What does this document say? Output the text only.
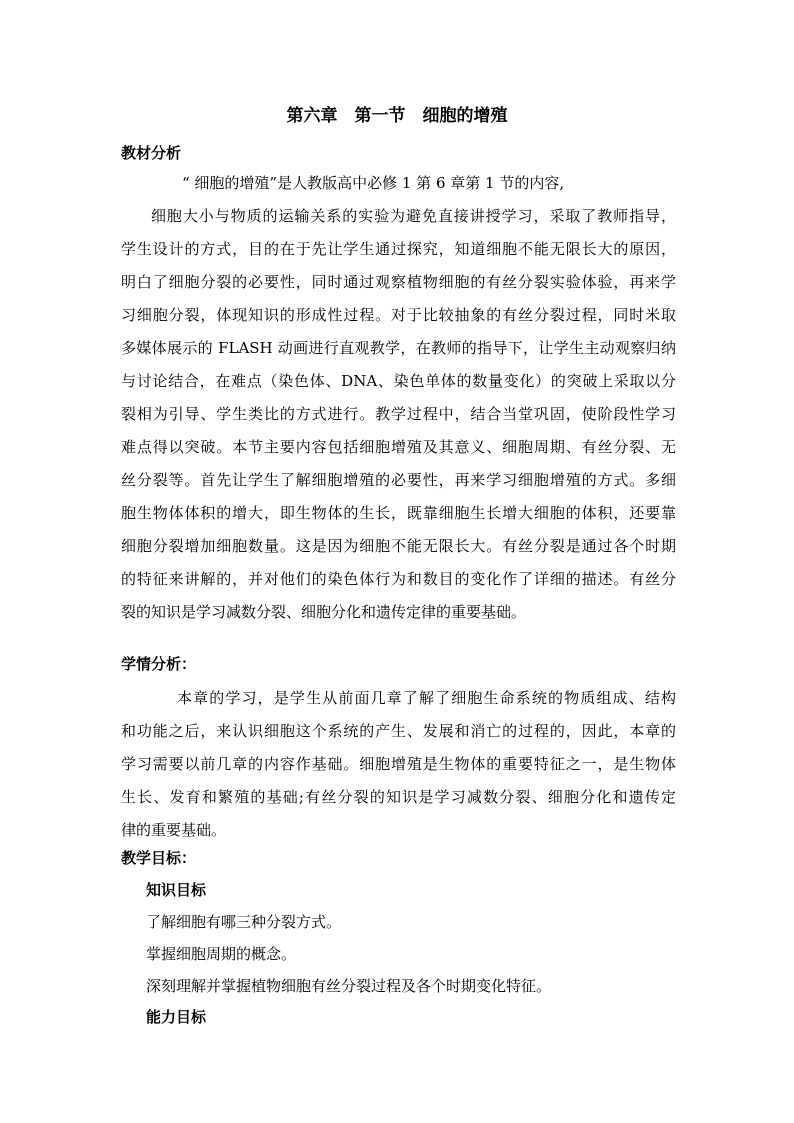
第六章　第一节　细胞的增殖
教材分析
“ 细胞的增殖”是人教版高中必修 1 第 6 章第 1 节的内容,
细胞大小与物质的运输关系的实验为避免直接讲授学习，采取了教师指导，
学生设计的方式，目的在于先让学生通过探究，知道细胞不能无限长大的原因，
明白了细胞分裂的必要性，同时通过观察植物细胞的有丝分裂实验体验，再来学
习细胞分裂，体现知识的形成性过程。对于比较抽象的有丝分裂过程，同时米取
多媒体展示的 FLASH 动画进行直观教学，在教师的指导下，让学生主动观察归纳
与讨论结合，在难点（染色体、DNA、染色单体的数量变化）的突破上采取以分
裂相为引导、学生类比的方式进行。教学过程中，结合当堂巩固，使阶段性学习
难点得以突破。本节主要内容包括细胞增殖及其意义、细胞周期、有丝分裂、无
丝分裂等。首先让学生了解细胞增殖的必要性，再来学习细胞增殖的方式。多细
胞生物体体积的增大，即生物体的生长，既靠细胞生长增大细胞的体积，还要靠
细胞分裂增加细胞数量。这是因为细胞不能无限长大。有丝分裂是通过各个时期
的特征来讲解的，并对他们的染色体行为和数目的变化作了详细的描述。有丝分
裂的知识是学习减数分裂、细胞分化和遗传定律的重要基础。
学情分析：
本章的学习，是学生从前面几章了解了细胞生命系统的物质组成、结构
和功能之后，来认识细胞这个系统的产生、发展和消亡的过程的，因此，本章的
学习需要以前几章的内容作基础。细胞增殖是生物体的重要特征之一，是生物体
生长、发育和繁殖的基础;有丝分裂的知识是学习减数分裂、细胞分化和遗传定
律的重要基础。
教学目标：
知识目标
了解细胞有哪三种分裂方式。
掌握细胞周期的概念。
深刻理解并掌握植物细胞有丝分裂过程及各个时期变化特征。
能力目标
